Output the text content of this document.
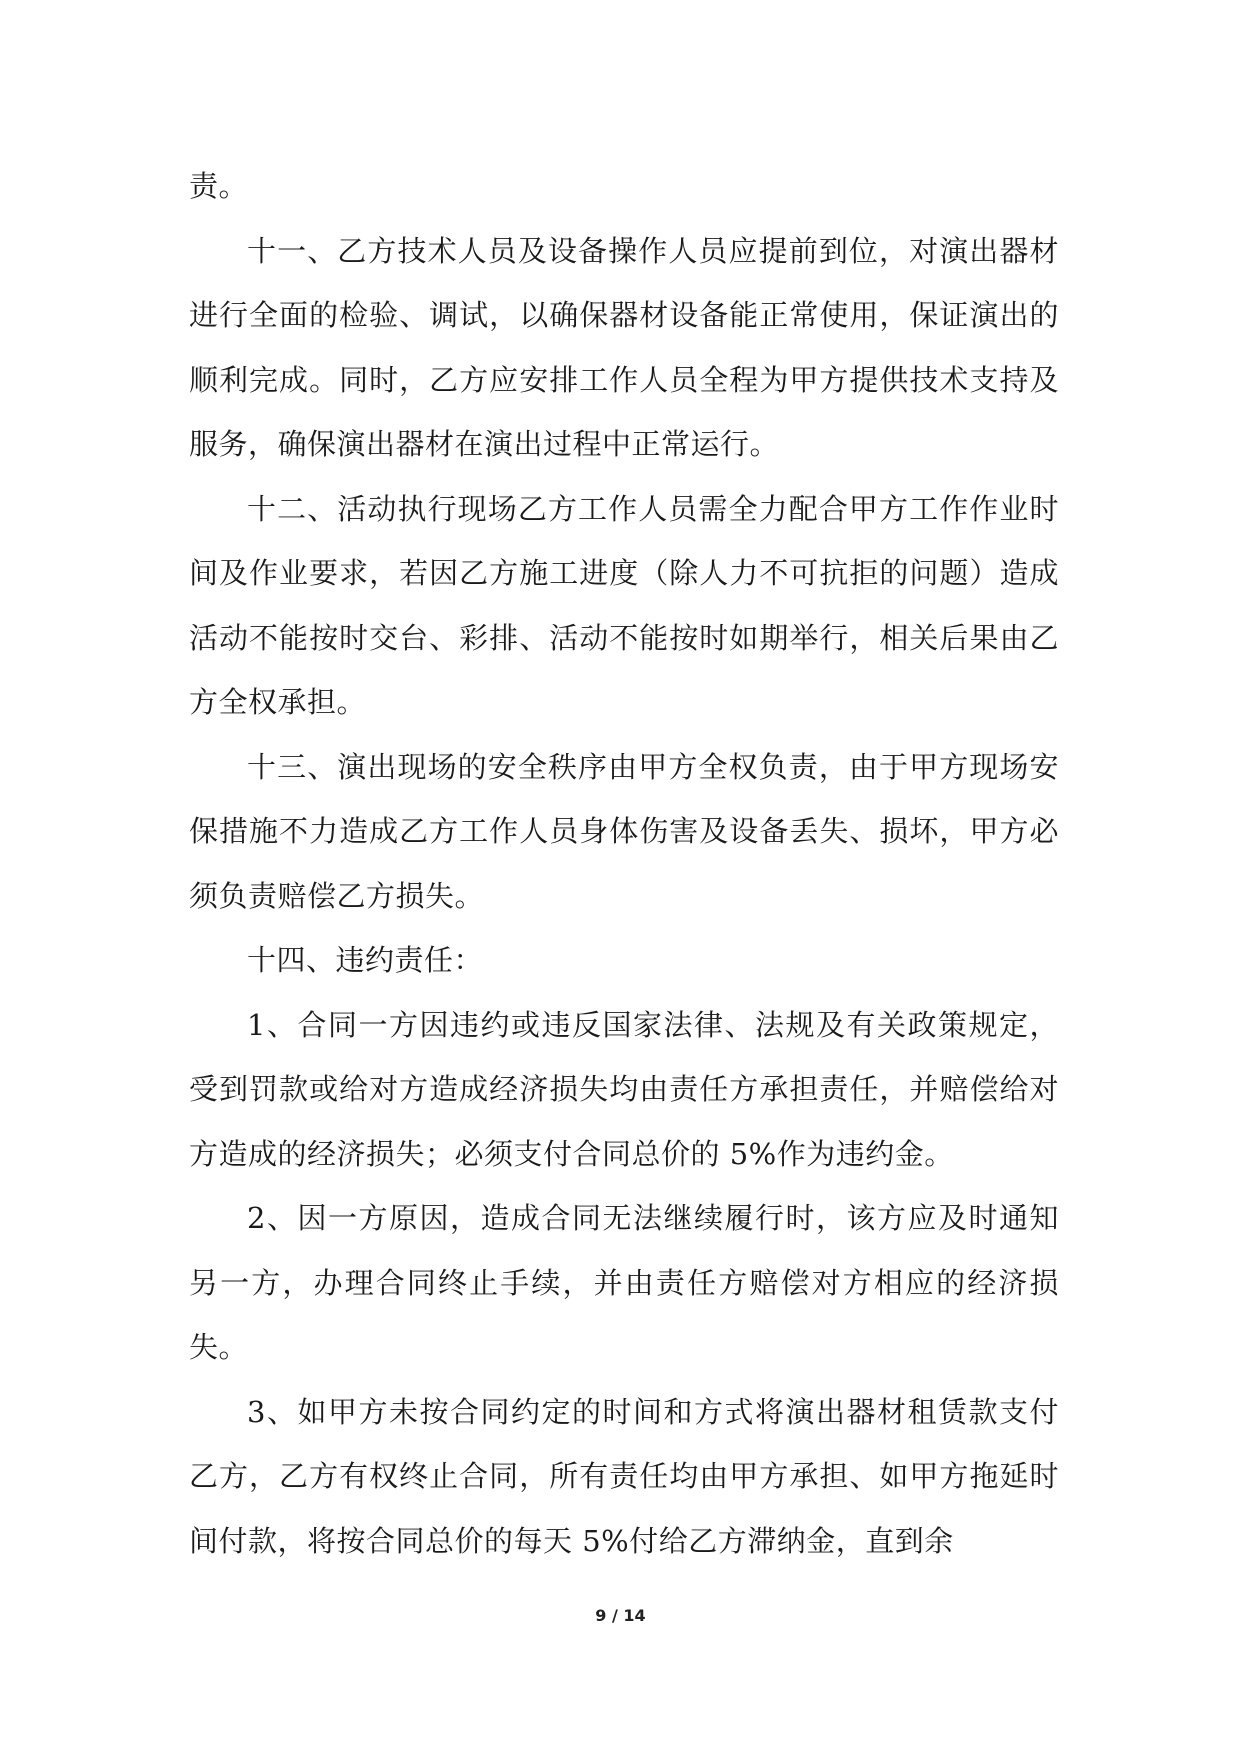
责。

十一、乙方技术人员及设备操作人员应提前到位，对演出器材进行全面的检验、调试，以确保器材设备能正常使用，保证演出的顺利完成。同时，乙方应安排工作人员全程为甲方提供技术支持及服务，确保演出器材在演出过程中正常运行。

十二、活动执行现场乙方工作人员需全力配合甲方工作作业时间及作业要求，若因乙方施工进度（除人力不可抗拒的问题）造成活动不能按时交台、彩排、活动不能按时如期举行，相关后果由乙方全权承担。

十三、演出现场的安全秩序由甲方全权负责，由于甲方现场安保措施不力造成乙方工作人员身体伤害及设备丢失、损坏，甲方必须负责赔偿乙方损失。

十四、违约责任：

1、合同一方因违约或违反国家法律、法规及有关政策规定，受到罚款或给对方造成经济损失均由责任方承担责任，并赔偿给对方造成的经济损失；必须支付合同总价的 5%作为违约金。

2、因一方原因，造成合同无法继续履行时，该方应及时通知另一方，办理合同终止手续，并由责任方赔偿对方相应的经济损失。

3、如甲方未按合同约定的时间和方式将演出器材租赁款支付乙方，乙方有权终止合同，所有责任均由甲方承担、如甲方拖延时间付款，将按合同总价的每天 5%付给乙方滞纳金，直到余

9 / 14
